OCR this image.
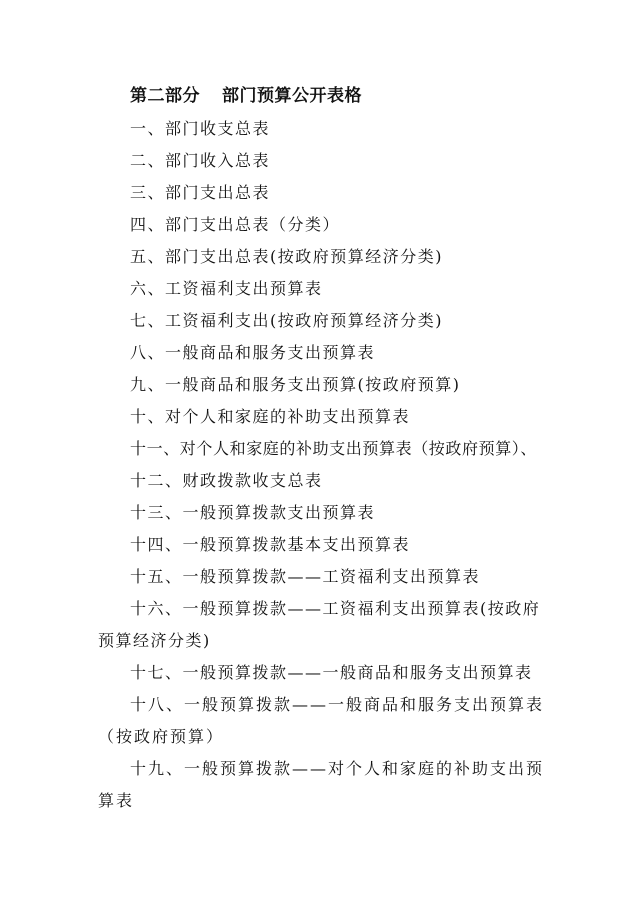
第二部分 部门预算公开表格
一、部门收支总表
二、部门收入总表
三、部门支出总表
四、部门支出总表（分类）
五、部门支出总表(按政府预算经济分类)
六、工资福利支出预算表
七、工资福利支出(按政府预算经济分类)
八、一般商品和服务支出预算表
九、一般商品和服务支出预算(按政府预算)
十、对个人和家庭的补助支出预算表
十一、对个人和家庭的补助支出预算表（按政府预算）、
十二、财政拨款收支总表
十三、一般预算拨款支出预算表
十四、一般预算拨款基本支出预算表
十五、一般预算拨款——工资福利支出预算表
十六、一般预算拨款——工资福利支出预算表(按政府预算经济分类)
十七、一般预算拨款——一般商品和服务支出预算表
十八、一般预算拨款——一般商品和服务支出预算表（按政府预算）
十九、一般预算拨款——对个人和家庭的补助支出预算表
